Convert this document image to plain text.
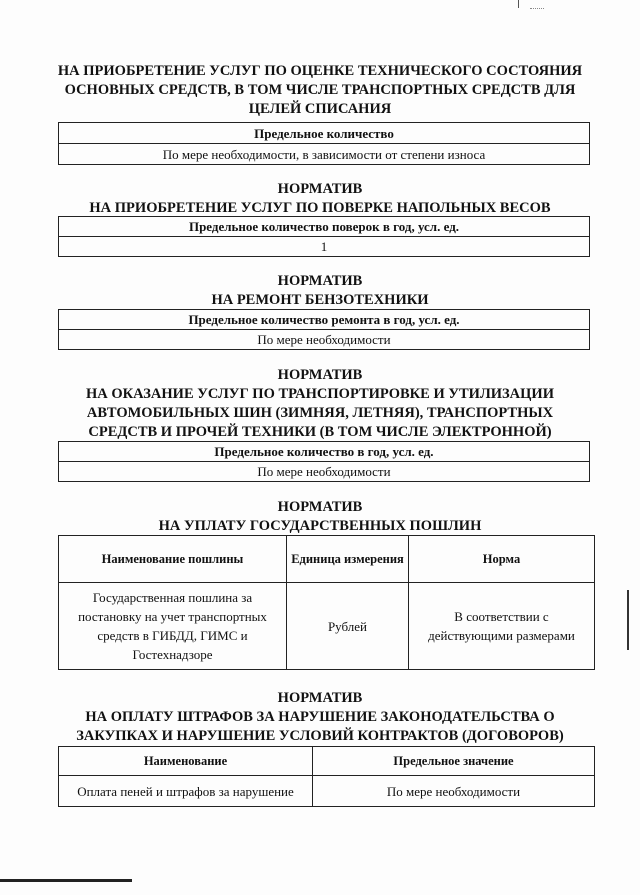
НА ПРИОБРЕТЕНИЕ УСЛУГ ПО ОЦЕНКЕ ТЕХНИЧЕСКОГО СОСТОЯНИЯ
ОСНОВНЫХ СРЕДСТВ, В ТОМ ЧИСЛЕ ТРАНСПОРТНЫХ СРЕДСТВ ДЛЯ
ЦЕЛЕЙ СПИСАНИЯ
Предельное количество
По мере необходимости, в зависимости от степени износа
НОРМАТИВ
НА ПРИОБРЕТЕНИЕ УСЛУГ ПО ПОВЕРКЕ НАПОЛЬНЫХ ВЕСОВ
Предельное количество поверок в год, усл. ед.
1
НОРМАТИВ
НА РЕМОНТ БЕНЗОТЕХНИКИ
Предельное количество ремонта в год, усл. ед.
По мере необходимости
НОРМАТИВ
НА ОКАЗАНИЕ УСЛУГ ПО ТРАНСПОРТИРОВКЕ И УТИЛИЗАЦИИ
АВТОМОБИЛЬНЫХ ШИН (ЗИМНЯЯ, ЛЕТНЯЯ), ТРАНСПОРТНЫХ
СРЕДСТВ И ПРОЧЕЙ ТЕХНИКИ (В ТОМ ЧИСЛЕ ЭЛЕКТРОННОЙ)
Предельное количество в год, усл. ед.
По мере необходимости
НОРМАТИВ
НА УПЛАТУ ГОСУДАРСТВЕННЫХ ПОШЛИН
Наименование пошлины	Единица измерения	Норма
Государственная пошлина за постановку на учет транспортных средств в ГИБДД, ГИМС и Гостехнадзоре	Рублей	В соответствии с действующими размерами
НОРМАТИВ
НА ОПЛАТУ ШТРАФОВ ЗА НАРУШЕНИЕ ЗАКОНОДАТЕЛЬСТВА О
ЗАКУПКАХ И НАРУШЕНИЕ УСЛОВИЙ КОНТРАКТОВ (ДОГОВОРОВ)
Наименование	Предельное значение
Оплата пеней и штрафов за нарушение	По мере необходимости
